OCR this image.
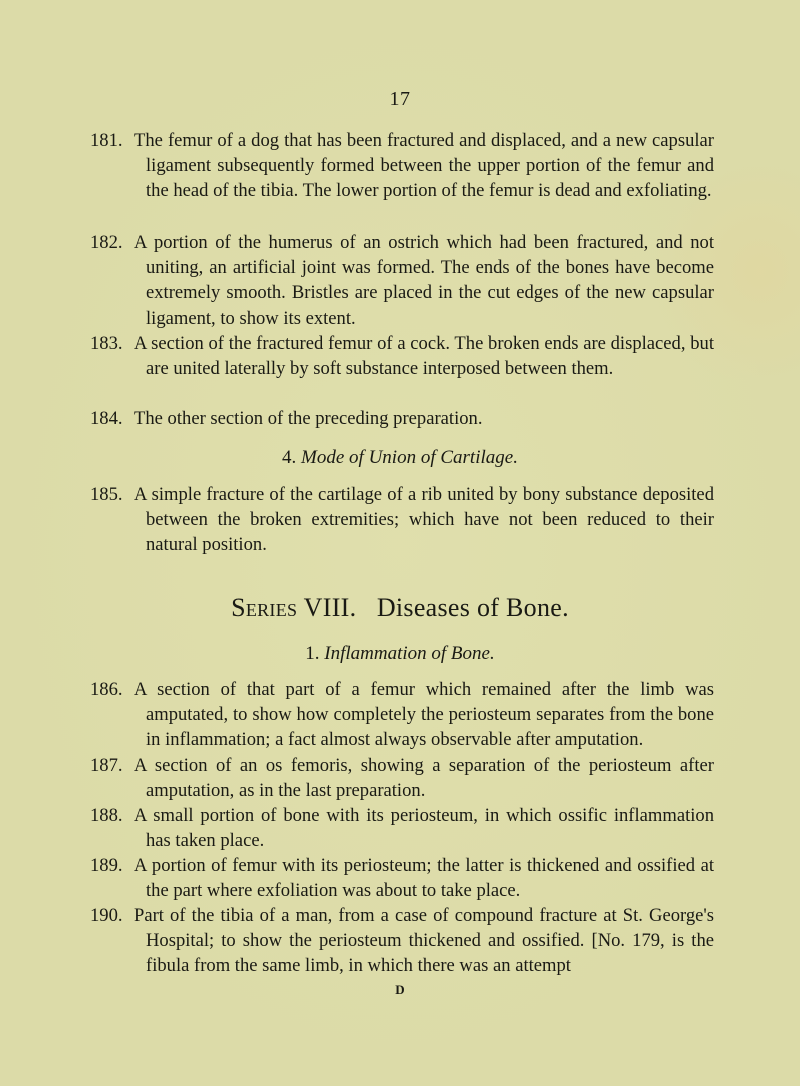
17
181. The femur of a dog that has been fractured and displaced, and a new capsular ligament subsequently formed between the upper portion of the femur and the head of the tibia. The lower portion of the femur is dead and exfoliating.
182. A portion of the humerus of an ostrich which had been fractured, and not uniting, an artificial joint was formed. The ends of the bones have become extremely smooth. Bristles are placed in the cut edges of the new capsular ligament, to show its extent.
183. A section of the fractured femur of a cock. The broken ends are displaced, but are united laterally by soft substance interposed between them.
184. The other section of the preceding preparation.
4. Mode of Union of Cartilage.
185. A simple fracture of the cartilage of a rib united by bony substance deposited between the broken extremities; which have not been reduced to their natural position.
Series VIII. Diseases of Bone.
1. Inflammation of Bone.
186. A section of that part of a femur which remained after the limb was amputated, to show how completely the periosteum separates from the bone in inflammation; a fact almost always observable after amputation.
187. A section of an os femoris, showing a separation of the periosteum after amputation, as in the last preparation.
188. A small portion of bone with its periosteum, in which ossific inflammation has taken place.
189. A portion of femur with its periosteum; the latter is thickened and ossified at the part where exfoliation was about to take place.
190. Part of the tibia of a man, from a case of compound fracture at St. George's Hospital; to show the periosteum thickened and ossified. [No. 179, is the fibula from the same limb, in which there was an attempt
D
